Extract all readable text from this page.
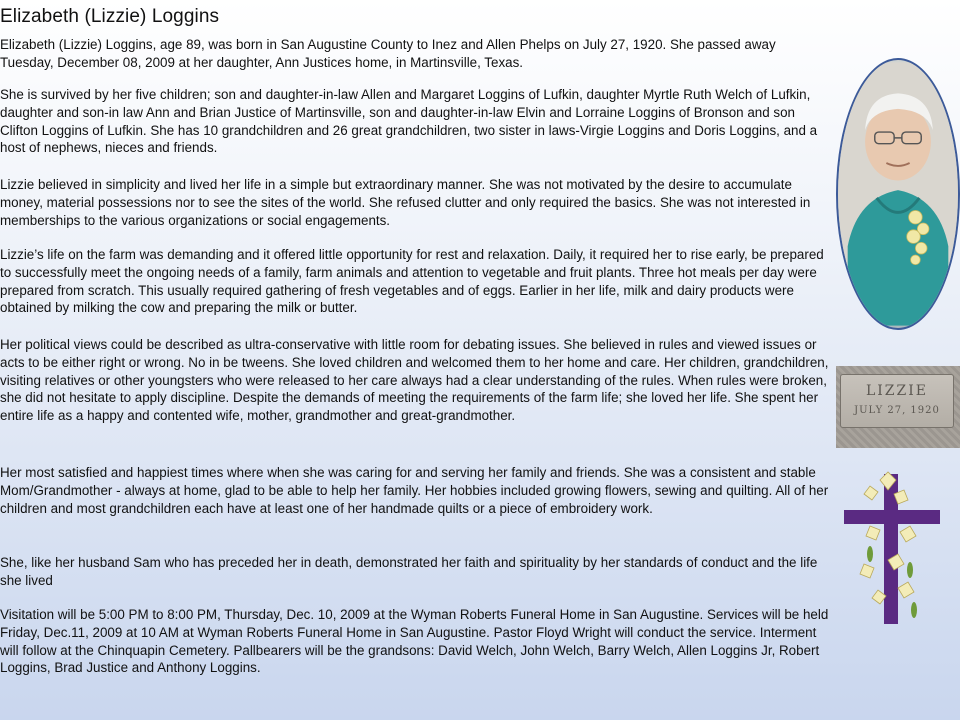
Elizabeth (Lizzie) Loggins

Elizabeth (Lizzie) Loggins, age 89, was born in San Augustine County to Inez and Allen Phelps on July 27, 1920. She passed away Tuesday, December 08, 2009 at her daughter, Ann Justices home, in Martinsville, Texas.

She is survived by her five children; son and daughter-in-law Allen and Margaret Loggins of Lufkin, daughter Myrtle Ruth Welch of Lufkin, daughter and son-in law Ann and Brian Justice of Martinsville, son and daughter-in-law Elvin and Lorraine Loggins of Bronson and son Clifton Loggins of Lufkin. She has 10 grandchildren and 26 great grandchildren, two sister in laws-Virgie Loggins and Doris Loggins, and a host of nephews, nieces and friends.

Lizzie believed in simplicity and lived her life in a simple but extraordinary manner. She was not motivated by the desire to accumulate money, material possessions nor to see the sites of the world. She refused clutter and only required the basics. She was not interested in memberships to the various organizations or social engagements.

Lizzie’s life on the farm was demanding and it offered little opportunity for rest and relaxation. Daily, it required her to rise early, be prepared to successfully meet the ongoing needs of a family, farm animals and attention to vegetable and fruit plants. Three hot meals per day were prepared from scratch. This usually required gathering of fresh vegetables and of eggs. Earlier in her life, milk and dairy products were obtained by milking the cow and preparing the milk or butter.

Her political views could be described as ultra-conservative with little room for debating issues. She believed in rules and viewed issues or acts to be either right or wrong. No in be tweens. She loved children and welcomed them to her home and care. Her children, grandchildren, visiting relatives or other youngsters who were released to her care always had a clear understanding of the rules. When rules were broken, she did not hesitate to apply discipline. Despite the demands of meeting the requirements of the farm life; she loved her life. She spent her entire life as a happy and contented wife, mother, grandmother and great-grandmother.

Her most satisfied and happiest times where when she was caring for and serving her family and friends. She was a consistent and stable Mom/Grandmother - always at home, glad to be able to help her family. Her hobbies included growing flowers, sewing and quilting. All of her children and most grandchildren each have at least one of her handmade quilts or a piece of embroidery work.

She, like her husband Sam who has preceded her in death, demonstrated her faith and spirituality by her standards of conduct and the life she lived

Visitation will be 5:00 PM to 8:00 PM, Thursday, Dec. 10, 2009 at the Wyman Roberts Funeral Home in San Augustine. Services will be held Friday, Dec.11, 2009 at 10 AM at Wyman Roberts Funeral Home in San Augustine. Pastor Floyd Wright will conduct the service. Interment will follow at the Chinquapin Cemetery. Pallbearers will be the grandsons: David Welch, John Welch, Barry Welch, Allen Loggins Jr, Robert Loggins, Brad Justice and Anthony Loggins.

LIZZIE
JULY 27, 1920
